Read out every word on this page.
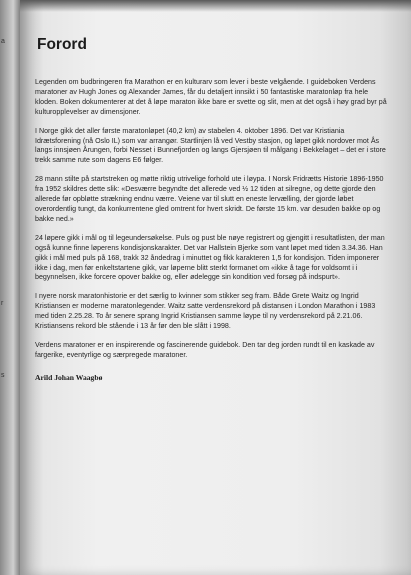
a
r
s
Forord

Legenden om budbringeren fra Marathon er en kulturarv som lever i beste velgående. I guideboken Verdens maratoner av Hugh Jones og Alexander James, får du detaljert innsikt i 50 fantastiske maratonløp fra hele kloden. Boken dokumenterer at det å løpe maraton ikke bare er svette og slit, men at det også i høy grad byr på kulturopplevelser av dimensjoner.

I Norge gikk det aller første maratonløpet (40,2 km) av stabelen 4. oktober 1896. Det var Kristiania Idrætsforening (nå Oslo IL) som var arrangør. Startlinjen lå ved Vestby stasjon, og løpet gikk nordover mot Ås langs innsjøen Årungen, forbi Nesset i Bunnefjorden og langs Gjersjøen til målgang i Bekkelaget – det er i store trekk samme rute som dagens E6 følger.

28 mann stilte på startstreken og møtte riktig utrivelige forhold ute i løypa. I Norsk Fridrætts Historie 1896-1950 fra 1952 skildres dette slik: «Desværre begyndte det allerede ved ½ 12 tiden at silregne, og dette gjorde den allerede før opbløtte strækning endnu værre. Veiene var til slutt en eneste lervælling, der gjorde løbet overordentlig tungt, da konkurrentene gled omtrent for hvert skridt. De første 15 km. var desuden bakke op og bakke ned.»

24 løpere gikk i mål og til legeundersøkelse. Puls og pust ble nøye registrert og gjengitt i resultatlisten, der man også kunne finne løperens kondisjonskarakter. Det var Hallstein Bjerke som vant løpet med tiden 3.34.36. Han gikk i mål med puls på 168, trakk 32 åndedrag i minuttet og fikk karakteren 1,5 for kondisjon. Tiden imponerer ikke i dag, men før enkeltstartene gikk, var løperne blitt sterkt formanet om «ikke å tage for voldsomt i i begynnelsen, ikke forcere opover bakke og, eller ødelegge sin kondition ved forsøg på indspurt».

I nyere norsk maratonhistorie er det særlig to kvinner som stikker seg fram. Både Grete Waitz og Ingrid Kristiansen er moderne maratonlegender. Waitz satte verdensrekord på distansen i London Marathon i 1983 med tiden 2.25.28. To år senere sprang Ingrid Kristiansen samme løype til ny verdensrekord på 2.21.06. Kristiansens rekord ble stående i 13 år før den ble slått i 1998.

Verdens maratoner er en inspirerende og fascinerende guidebok. Den tar deg jorden rundt til en kaskade av fargerike, eventyrlige og særpregede maratoner.

Arild Johan Waagbø
